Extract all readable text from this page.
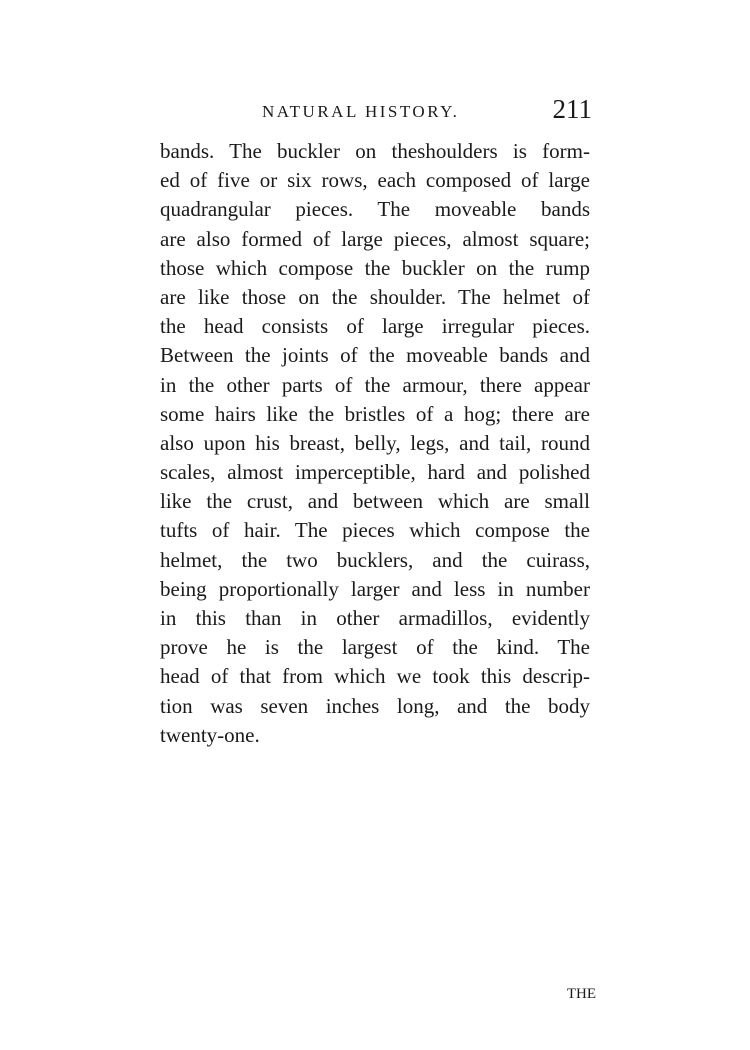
NATURAL HISTORY.	211
bands. The buckler on theshoulders is form-
ed of five or six rows, each composed of large
quadrangular pieces. The moveable bands
are also formed of large pieces, almost square;
those which compose the buckler on the rump
are like those on the shoulder. The helmet of
the head consists of large irregular pieces.
Between the joints of the moveable bands and
in the other parts of the armour, there appear
some hairs like the bristles of a hog; there are
also upon his breast, belly, legs, and tail, round
scales, almost imperceptible, hard and polished
like the crust, and between which are small
tufts of hair. The pieces which compose the
helmet, the two bucklers, and the cuirass,
being proportionally larger and less in number
in this than in other armadillos, evidently
prove he is the largest of the kind. The
head of that from which we took this descrip-
tion was seven inches long, and the body
twenty-one.
THE
